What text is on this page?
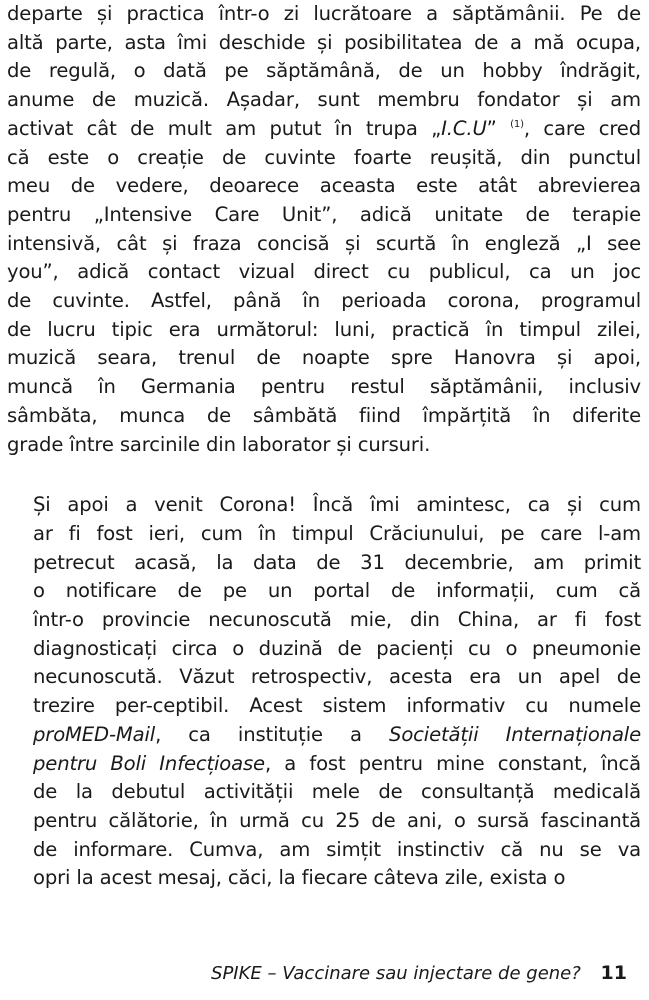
departe și practica într-o zi lucrătoare a săptămânii. Pe de
altă parte, asta îmi deschide și posibilitatea de a mă ocupa,
de regulă, o dată pe săptămână, de un hobby îndrăgit,
anume de muzică. Așadar, sunt membru fondator și am
activat cât de mult am putut în trupa „I.C.U” $^{(1)}$, care cred
că este o creație de cuvinte foarte reușită, din punctul
meu de vedere, deoarece aceasta este atât abrevierea
pentru „Intensive Care Unit”, adică unitate de terapie
intensivă, cât și fraza concisă și scurtă în engleză „I see
you”, adică contact vizual direct cu publicul, ca un joc
de cuvinte. Astfel, până în perioada corona, programul
de lucru tipic era următorul: luni, practică în timpul zilei,
muzică seara, trenul de noapte spre Hanovra și apoi,
muncă în Germania pentru restul săptămânii, inclusiv
sâmbăta, munca de sâmbătă fiind împărțită în diferite
grade între sarcinile din laborator și cursuri.
Și apoi a venit Corona! Încă îmi amintesc, ca și cum
ar fi fost ieri, cum în timpul Crăciunului, pe care l-am
petrecut acasă, la data de 31 decembrie, am primit
o notificare de pe un portal de informații, cum că
într-o provincie necunoscută mie, din China, ar fi fost
diagnosticați circa o duzină de pacienți cu o pneumonie
necunoscută. Văzut retrospectiv, acesta era un apel de
trezire per-ceptibil. Acest sistem informativ cu numele
proMED-Mail, ca instituție a Societății Internaționale
pentru Boli Infecțioase, a fost pentru mine constant, încă
de la debutul activității mele de consultanță medicală
pentru călătorie, în urmă cu 25 de ani, o sursă fascinantă
de informare. Cumva, am simțit instinctiv că nu se va
opri la acest mesaj, căci, la fiecare câteva zile, exista o
SPIKE – Vaccinare sau injectare de gene? 11
